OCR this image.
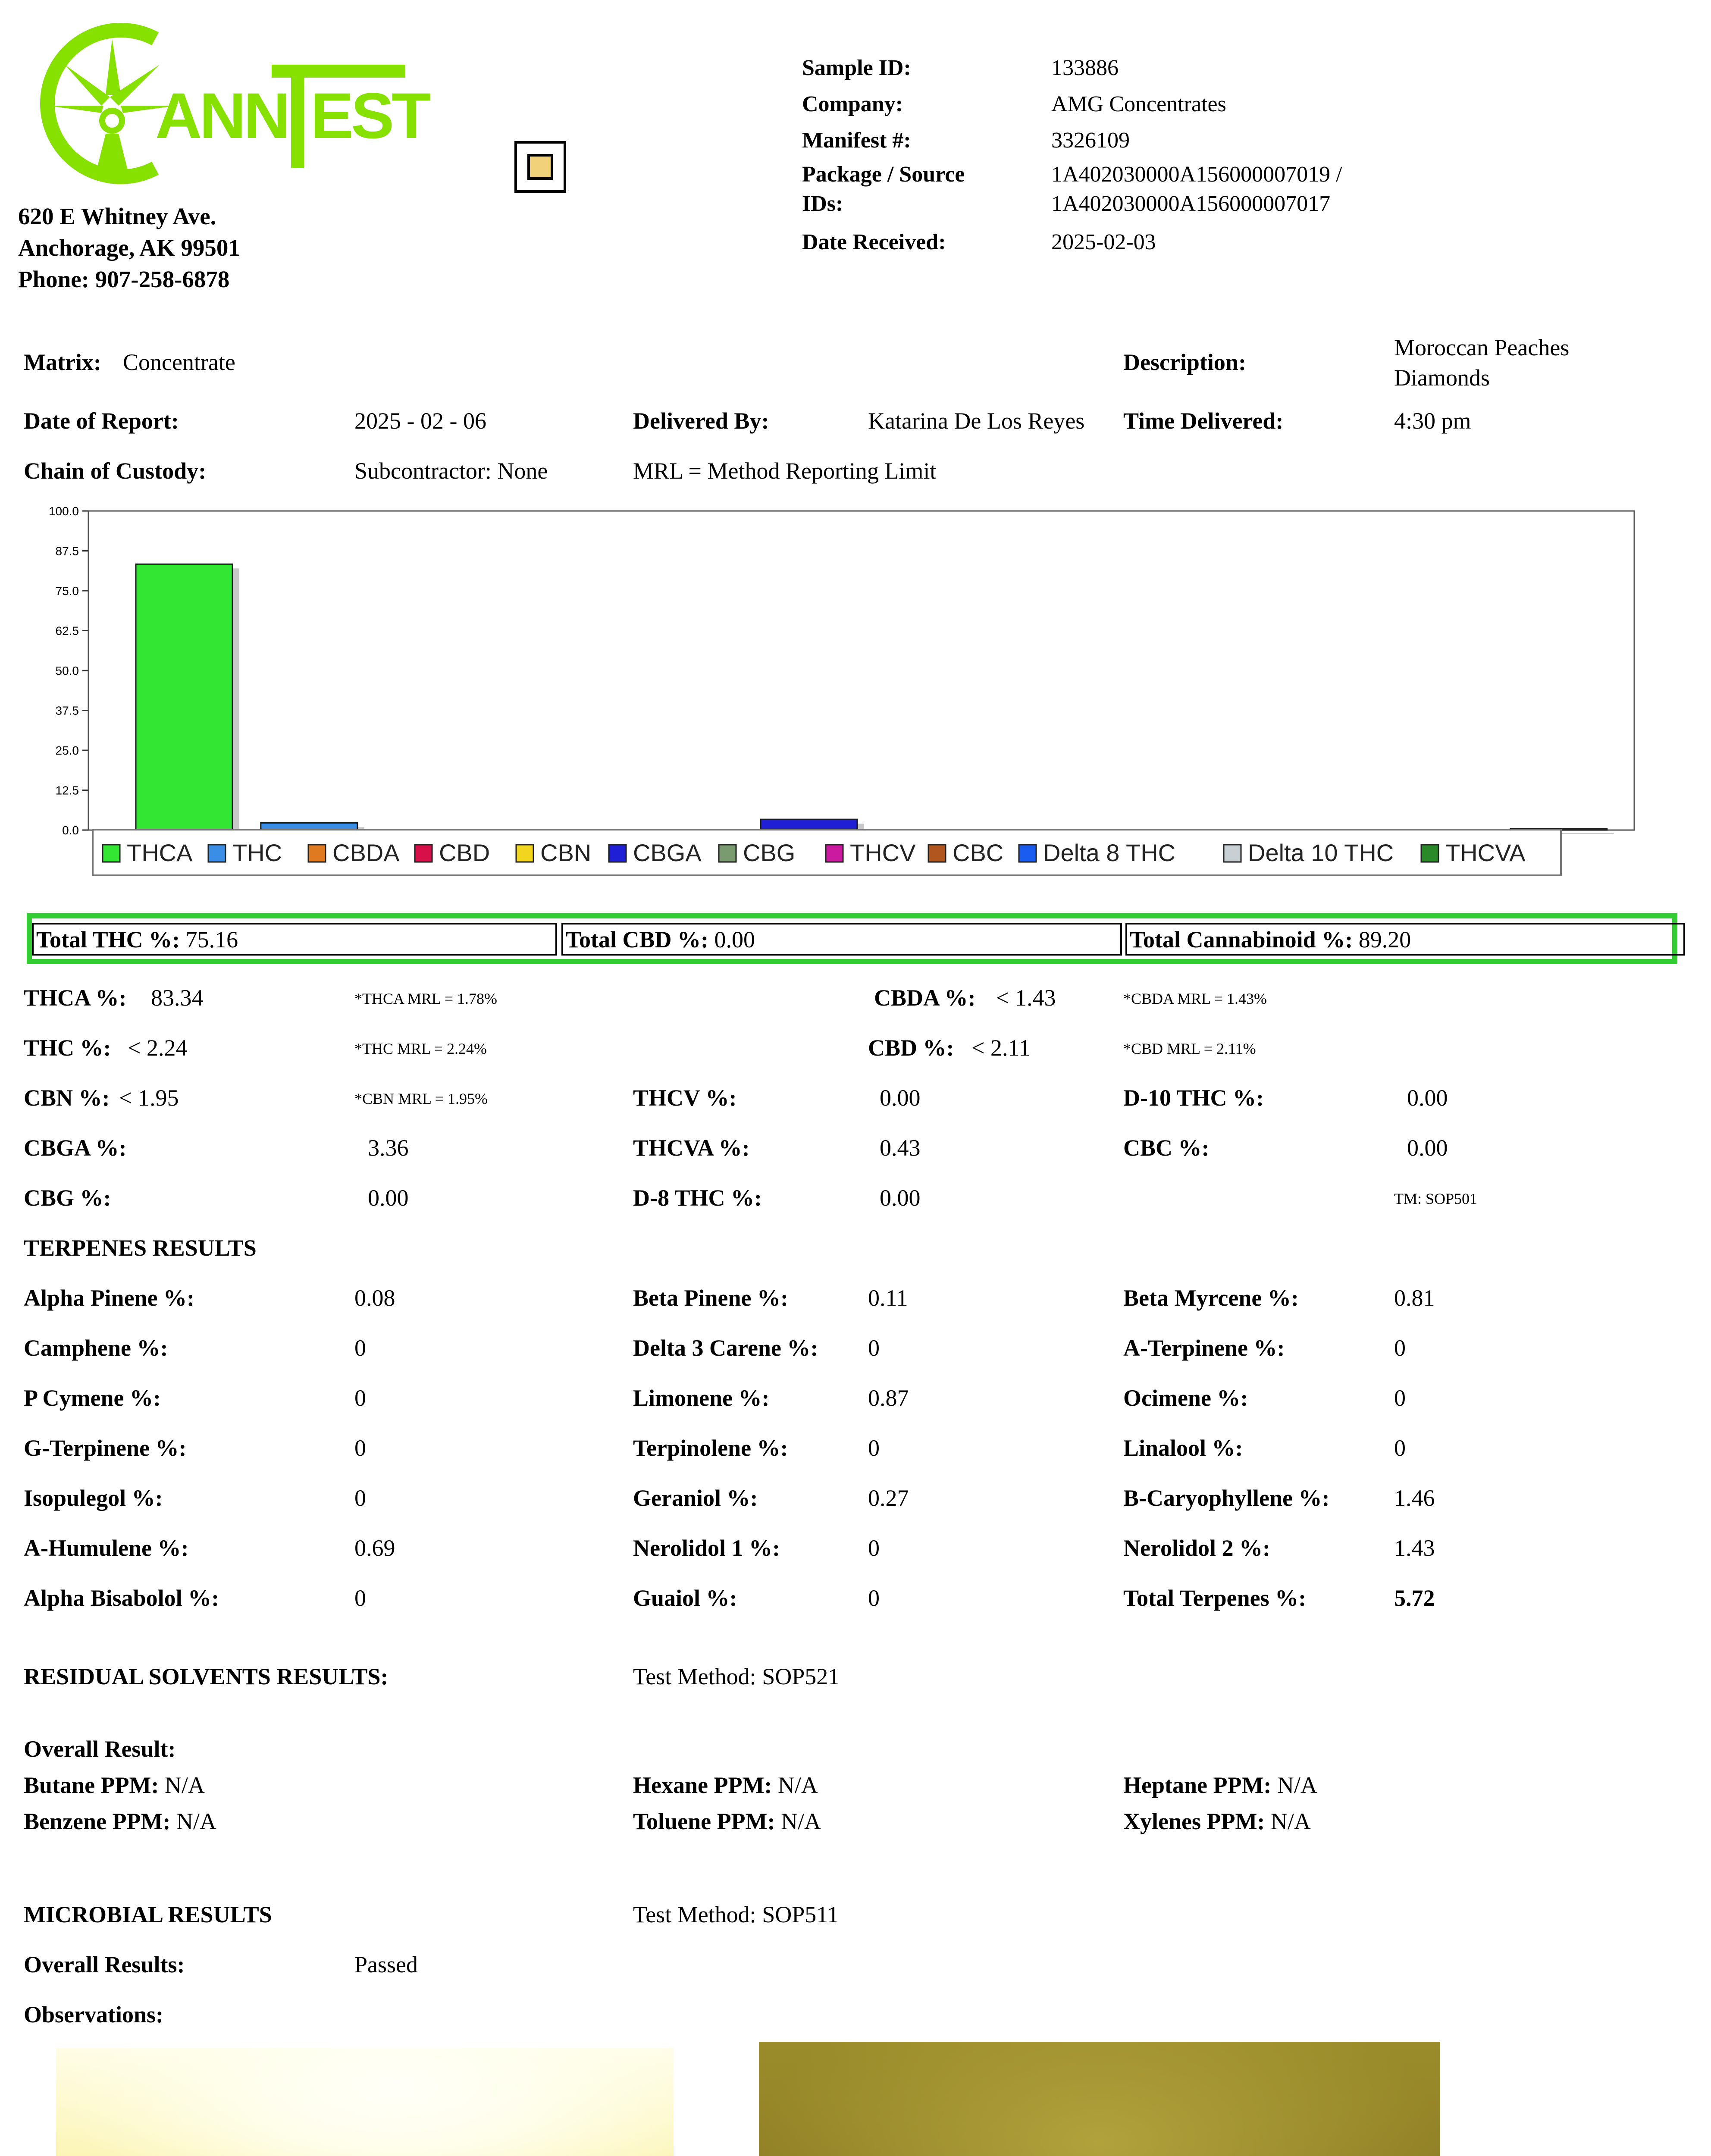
ANN EST
620 E Whitney Ave.
Anchorage, AK 99501
Phone: 907-258-6878
Sample ID:	133886
Company:	AMG Concentrates
Manifest #:	3326109
Package / Source
IDs:
1A402030000A156000007019 /
1A402030000A156000007017
Date Received:	2025-02-03
Matrix: Concentrate	Description:
Moroccan Peaches
Diamonds
Date of Report:	2025 - 02 - 06	Delivered By:	Katarina De Los Reyes Time Delivered:	4:30 pm
Chain of Custody:	Subcontractor: None	MRL = Method Reporting Limit
0.0
12.5
25.0
37.5
50.0
62.5
75.0
87.5
100.0
THCA THC CBDA CBD CBN CBGA CBG THCV CBC Delta 8 THC	Delta 10 THC THCVA
Total THC %: 75.16	Total CBD %: 0.00	Total Cannabinoid %: 89.20
THCA %: 83.34	*THCA MRL = 1.78%	CBDA %: < 1.43	*CBDA MRL = 1.43%
THC %: < 2.24	*THC MRL = 2.24%	CBD %: < 2.11	*CBD MRL = 2.11%
CBN %: < 1.95	*CBN MRL = 1.95%	THCV %:	0.00	D-10 THC %:	0.00
CBGA %:	3.36	THCVA %:	0.43	CBC %:	0.00
CBG %:	0.00	D-8 THC %:	0.00	TM: SOP501
TERPENES RESULTS
Alpha Pinene %:	0.08	Beta Pinene %:	0.11	Beta Myrcene %:	0.81
Camphene %:	0	Delta 3 Carene %: 0	A-Terpinene %:	0
P Cymene %:	0	Limonene %:	0.87	Ocimene %:	0
G-Terpinene %:	0	Terpinolene %:	0	Linalool %:	0
Isopulegol %:	0	Geraniol %:	0.27	B-Caryophyllene %:	1.46
A-Humulene %:	0.69	Nerolidol 1 %:	0	Nerolidol 2 %:	1.43
Alpha Bisabolol %:	0	Guaiol %:	0	Total Terpenes %:	5.72
RESIDUAL SOLVENTS RESULTS:	Test Method: SOP521
Overall Result:
Butane PPM: N/A	Hexane PPM: N/A	Heptane PPM: N/A
Benzene PPM: N/A	Toluene PPM: N/A	Xylenes PPM: N/A
MICROBIAL RESULTS	Test Method: SOP511
Overall Results:	Passed
Observations:
